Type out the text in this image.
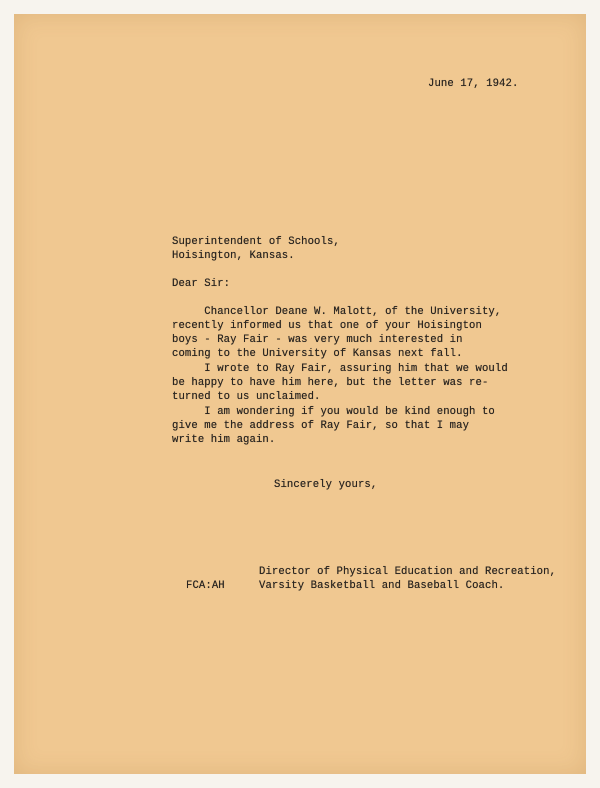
June 17, 1942.
Superintendent of Schools,
Hoisington, Kansas.
Dear Sir:
Chancellor Deane W. Malott, of the University,
recently informed us that one of your Hoisington
boys - Ray Fair - was very much interested in
coming to the University of Kansas next fall.
I wrote to Ray Fair, assuring him that we would
be happy to have him here, but the letter was re-
turned to us unclaimed.
I am wondering if you would be kind enough to
give me the address of Ray Fair, so that I may
write him again.
Sincerely yours,
FCA:AH
Director of Physical Education and Recreation,
Varsity Basketball and Baseball Coach.
